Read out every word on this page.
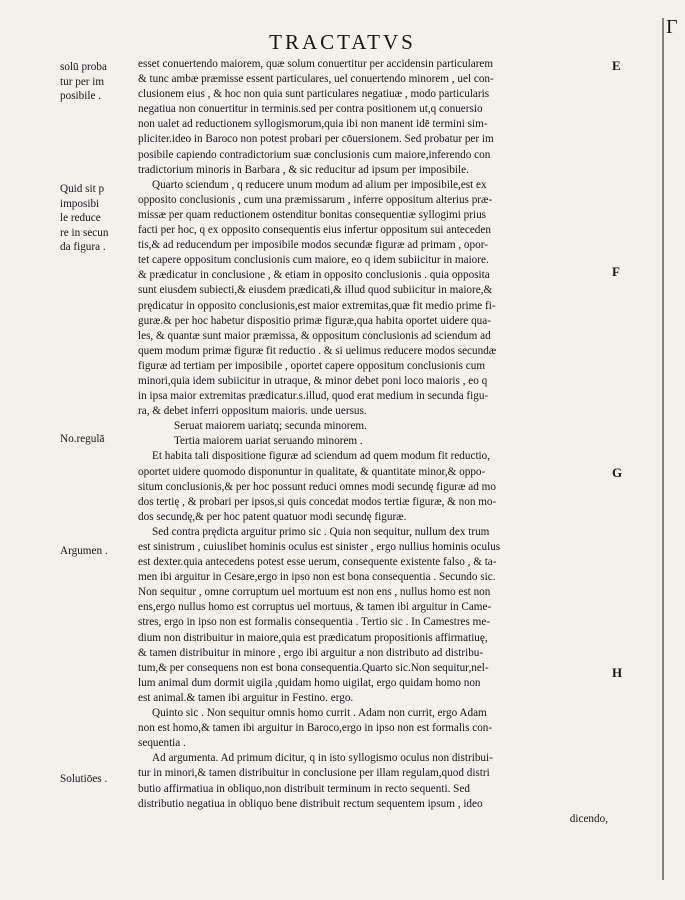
Γ
TRACTATVS
solū proba
tur per im
posibile .
Quid sit p
imposibi
le reduce
re in secun
da figura .
No.regulā
Argumen .
Solutiōes .
E
F
G
H
esset conuertendo maiorem, quæ solum conuertitur per accidensin particularem
& tunc ambæ præmisse essent particulares, uel conuertendo minorem , uel con-
clusionem eius , & hoc non quia sunt particulares negatiuæ , modo particularis
negatiua non conuertitur in terminis.sed per contra positionem ut,q conuersio
non ualet ad reductionem syllogismorum,quia ibi non manent idē termini sim-
pliciter.ideo in Baroco non potest probari per cōuersionem. Sed probatur per im
posibile capiendo contradictorium suæ conclusionis cum maiore,inferendo con
tradictorium minoris in Barbara , & sic reducitur ad ipsum per imposibile.
Quarto sciendum , q reducere unum modum ad alium per imposibile,est ex
opposito conclusionis , cum una præmissarum , inferre oppositum alterius præ-
missæ per quam reductionem ostenditur bonitas consequentiæ syllogimi prius
facti per hoc, q ex opposito consequentis eius infertur oppositum sui anteceden
tis,& ad reducendum per imposibile modos secundæ figuræ ad primam , opor-
tet capere oppositum conclusionis cum maiore, eo q idem subiicitur in maiore.
& prædicatur in conclusione , & etiam in opposito conclusionis . quia opposita
sunt eiusdem subiecti,& eiusdem prædicati,& illud quod subiicitur in maiore,&
prędicatur in opposito conclusionis,est maior extremitas,quæ fit medio prime fi-
guræ.& per hoc habetur dispositio primæ figuræ,qua habita oportet uidere qua-
les, & quantæ sunt maior præmissa, & oppositum conclusionis ad sciendum ad
quem modum primæ figuræ fit reductio . & si uelimus reducere modos secundæ
figuræ ad tertiam per imposibile , oportet capere oppositum conclusionis cum
minori,quia idem subiicitur in utraque, & minor debet poni loco maioris , eo q
in ipsa maior extremitas prædicatur.s.illud, quod erat medium in secunda figu-
ra, & debet inferri oppositum maioris. unde uersus.
Seruat maiorem uariatq; secunda minorem.
Tertia maiorem uariat seruando minorem .
Et habita tali dispositione figuræ ad sciendum ad quem modum fit reductio,
oportet uidere quomodo disponuntur in qualitate, & quantitate minor,& oppo-
situm conclusionis,& per hoc possunt reduci omnes modi secundę figuræ ad mo
dos tertię , & probari per ipsos,si quis concedat modos tertiæ figuræ, & non mo-
dos secundę,& per hoc patent quatuor modi secundę figuræ.
Sed contra prędicta arguitur primo sic . Quia non sequitur, nullum dex trum
est sinistrum , cuiuslibet hominis oculus est sinister , ergo nullius hominis oculus
est dexter.quia antecedens potest esse uerum, consequente existente falso , & ta-
men ibi arguitur in Cesare,ergo in ipso non est bona consequentia . Secundo sic.
Non sequitur , omne corruptum uel mortuum est non ens , nullus homo est non
ens,ergo nullus homo est corruptus uel mortuus, & tamen ibi arguitur in Came-
stres, ergo in ipso non est formalis consequentia . Tertio sic . In Camestres me-
dium non distribuitur in maiore,quia est prædicatum propositionis affirmatiuę,
& tamen distribuitur in minore , ergo ibi arguitur a non distributo ad distribu-
tum,& per consequens non est bona consequentia.Quarto sic.Non sequitur,nel-
lum animal dum dormit uigila ,quidam homo uigilat, ergo quidam homo non
est animal.& tamen ibi arguitur in Festino. ergo.
Quinto sic . Non sequitur omnis homo currit . Adam non currit, ergo Adam
non est homo,& tamen ibi arguitur in Baroco,ergo in ipso non est formalis con-
sequentia .
Ad argumenta. Ad primum dicitur, q in isto syllogismo oculus non distribui-
tur in minori,& tamen distribuitur in conclusione per illam regulam,quod distri
butio affirmatiua in obliquo,non distribuit terminum in recto sequenti. Sed
distributio negatiua in obliquo bene distribuit rectum sequentem ipsum , ideo
dicendo,
